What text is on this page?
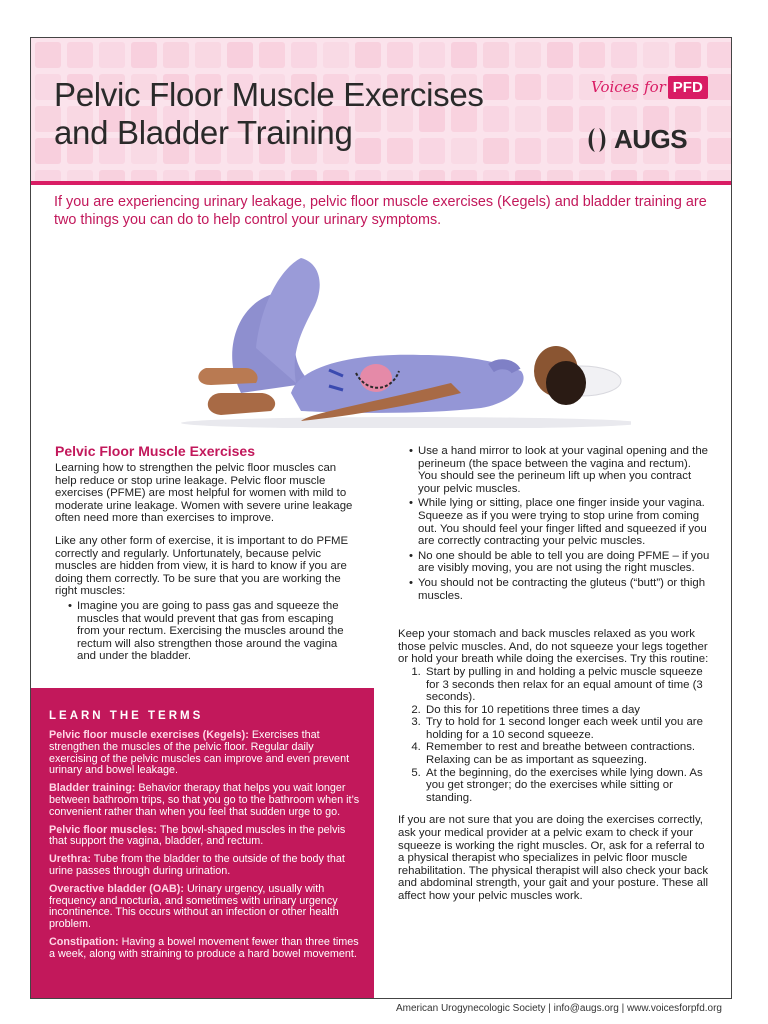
Pelvic Floor Muscle Exercises
and Bladder Training
Voices for PFD
AUGS

If you are experiencing urinary leakage, pelvic floor muscle exercises (Kegels) and bladder training are two things you can do to help control your urinary symptoms.

Pelvic Floor Muscle Exercises

Learning how to strengthen the pelvic floor muscles can help reduce or stop urine leakage. Pelvic floor muscle exercises (PFME) are most helpful for women with mild to moderate urine leakage. Women with severe urine leakage often need more than exercises to improve.

Like any other form of exercise, it is important to do PFME correctly and regularly. Unfortunately, because pelvic muscles are hidden from view, it is hard to know if you are doing them correctly. To be sure that you are working the right muscles:

• Imagine you are going to pass gas and squeeze the muscles that would prevent that gas from escaping from your rectum. Exercising the muscles around the rectum will also strengthen those around the vagina and under the bladder.
LEARN THE TERMS

Pelvic floor muscle exercises (Kegels): Exercises that strengthen the muscles of the pelvic floor. Regular daily exercising of the pelvic muscles can improve and even prevent urinary and bowel leakage.

Bladder training: Behavior therapy that helps you wait longer between bathroom trips, so that you go to the bathroom when it’s convenient rather than when you feel that sudden urge to go.

Pelvic floor muscles: The bowl-shaped muscles in the pelvis that support the vagina, bladder, and rectum.

Urethra: Tube from the bladder to the outside of the body that urine passes through during urination.

Overactive bladder (OAB): Urinary urgency, usually with frequency and nocturia, and sometimes with urinary urgency incontinence. This occurs without an infection or other health problem.

Constipation: Having a bowel movement fewer than three times a week, along with straining to produce a hard bowel movement.

• Use a hand mirror to look at your vaginal opening and the perineum (the space between the vagina and rectum). You should see the perineum lift up when you contract your pelvic muscles.
• While lying or sitting, place one finger inside your vagina. Squeeze as if you were trying to stop urine from coming out. You should feel your finger lifted and squeezed if you are correctly contracting your pelvic muscles.
• No one should be able to tell you are doing PFME – if you are visibly moving, you are not using the right muscles.
• You should not be contracting the gluteus (“butt”) or thigh muscles.

Keep your stomach and back muscles relaxed as you work those pelvic muscles. And, do not squeeze your legs together or hold your breath while doing the exercises. Try this routine:

1. Start by pulling in and holding a pelvic muscle squeeze for 3 seconds then relax for an equal amount of time (3 seconds).
2. Do this for 10 repetitions three times a day
3. Try to hold for 1 second longer each week until you are holding for a 10 second squeeze.
4. Remember to rest and breathe between contractions. Relaxing can be as important as squeezing.
5. At the beginning, do the exercises while lying down. As you get stronger; do the exercises while sitting or standing.

If you are not sure that you are doing the exercises correctly, ask your medical provider at a pelvic exam to check if your squeeze is working the right muscles. Or, ask for a referral to a physical therapist who specializes in pelvic floor muscle rehabilitation. The physical therapist will also check your back and abdominal strength, your gait and your posture. These all affect how your pelvic muscles work.

American Urogynecologic Society | info@augs.org | www.voicesforpfd.org
